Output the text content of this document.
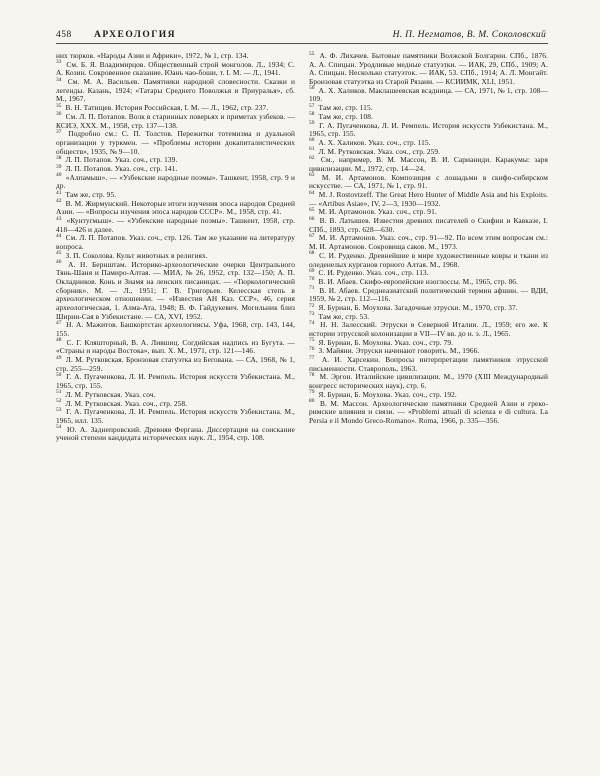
458	АРХЕОЛОГИЯ	Н. П. Негматов, В. М. Соколовский

них тюрков. «Народы Азии и Африки», 1972, № 1, стр. 134.

$^{33}$ См. Б. Я. Владимирцов. Общественный строй монголов. Л., 1934; С. А. Козин. Сокровенное сказание. Юань чао-боши, т. I. М. — Л., 1941.

$^{34}$ См. М. А. Васильев. Памятники народной словесности. Сказки и легенды. Казань, 1924; «Татары Среднего Поволжья и Приуралья», сб. М., 1967.

$^{35}$ В. Н. Татищев. История Российская, I. М. — Л., 1962, стр. 237.

$^{36}$ См. Л. П. Потапов. Волк в старинных поверьях и приметах узбеков. — КСИЭ, XXX. М., 1958, стр. 137—138.

$^{37}$ Подробно см.: С. П. Толстов. Пережитки тотемизма и дуальной организации у туркмен. — «Проблемы истории докапиталистических обществ», 1935, № 9—10.

$^{38}$ Л. П. Потапов. Указ. соч., стр. 139.

$^{39}$ Л. П. Потапов. Указ. соч., стр. 141.

$^{40}$ «Алпамыш». — «Узбекские народные поэмы». Ташкент, 1958, стр. 9 и др.

$^{41}$ Там же, стр. 95.

$^{42}$ В. М. Жирмунский. Некоторые итоги изучения эпоса народов Средней Азии. — «Вопросы изучения эпоса народов СССР». М., 1958, стр. 41.

$^{43}$ «Кунтугмыш». — «Узбекские народные поэмы». Ташкент, 1958, стр. 418—426 и далее.

$^{44}$ См. Л. П. Потапов. Указ. соч., стр. 126. Там же указание на литературу вопроса.

$^{45}$ З. П. Соколова. Культ животных в религиях.

$^{46}$ А. Н. Бернштам. Историко-археологические очерки Центрального Тянь-Шаня и Памиро-Алтая. — МИА, № 26, 1952, стр. 132—150; А. П. Окладников. Конь и Знамя на ленских писаницах. — «Тюркологический сборник». М. — Л., 1951; Г. В. Григорьев. Келесская степь в археологическом отношении. — «Известия АН Каз. ССР», 46, серия археологическая, 1. Алма-Ата, 1948; В. Ф. Гайдукевич. Могильник близ Ширин-Сая в Узбекистане. — СА, XVI, 1952.

$^{47}$ Н. А. Мажитов. Башкортстан археологиясы. Уфа, 1968, стр. 143, 144, 155.

$^{48}$ С. Г. Кляшторный, В. А. Лившиц. Согдийская надпись из Бугута. — «Страны и народы Востока», вып. X. М., 1971, стр. 121—146.

$^{49}$ Л. М. Рутковская. Бронзовая статуэтка из Бегована. — СА, 1968, № 1, стр. 255—259.

$^{50}$ Г. А. Пугаченкова, Л. И. Ремпель. История искусств Узбекистана. М., 1965, стр. 155.

$^{51}$ Л. М. Рутковская. Указ. соч.

$^{52}$ Л. М. Рутковская. Указ. соч., стр. 258.

$^{53}$ Г. А. Пугаченкова, Л. И. Ремпель. История искусств Узбекистана. М., 1965, илл. 135.

$^{54}$ Ю. А. Заднепровский. Древняя Фергана. Диссертация на соискание ученой степени кандидата исторических наук. Л., 1954, стр. 108.

$^{55}$ А. Ф. Лихачев. Бытовые памятники Волжской Болгарии. СПб., 1876. А. А. Спицын. Уродливые медные статуэтки. — ИАК, 29, СПб., 1909; А. А. Спицын. Несколько статуэток. — ИАК, 53. СПб., 1914; А. Л. Монгайт. Бронзовая статуэтка из Старой Рязани. — КСИИМК, XLI, 1951.

$^{56}$ А. Х. Халиков. Маклашеевская всадница. — СА, 1971, № 1, стр. 108—109.

$^{57}$ Там же, стр. 115.

$^{58}$ Там же, стр. 108.

$^{59}$ Г. А. Пугаченкова, Л. И. Ремпель. История искусств Узбекистана. М., 1965, стр. 155.

$^{60}$ А. Х. Халиков. Указ. соч., стр. 115.

$^{61}$ Л. М. Рутковская. Указ. соч., стр. 259.

$^{62}$ См., например, В. М. Массон, В. И. Сарианиди. Каракумы: заря цивилизации. М., 1972, стр. 14—24.

$^{63}$ М. И. Артамонов. Композиция с лошадьми в скифо-сибирском искусстве. — СА, 1971, № 1, стр. 91.

$^{64}$ M. J. Rostovtzeff. The Great Hero Hunter of Middle Asia and his Exploits. — «Artibus Asiae», IV, 2—3, 1930—1932.

$^{65}$ М. И. Артамонов. Указ. соч., стр. 91.

$^{66}$ В. В. Латышев. Известия древних писателей о Скифии и Кавказе, I. СПб., 1893, стр. 628—630.

$^{67}$ М. И. Артамонов. Указ. соч., стр. 91—92. По всем этим вопросам см.: М. И. Артамонов. Сокровища саков. М., 1973.

$^{68}$ С. И. Руденко. Древнейшие в мире художественные ковры и ткани из оледенелых курганов горного Алтая. М., 1968.

$^{69}$ С. И. Руденко. Указ. соч., стр. 113.

$^{70}$ В. И. Абаев. Скифо-европейские изоглоссы. М., 1965, стр. 86.

$^{71}$ В. И. Абаев. Среднеазиатский политический термин афшин. — ВДИ, 1959, № 2, стр. 112—116.

$^{72}$ Я. Буриан, Б. Моухова. Загадочные этруски. М., 1970, стр. 37.

$^{73}$ Там же, стр. 53.

$^{74}$ Н. Н. Залесский. Этруски в Северной Италии. Л., 1959; его же. К истории этрусской колонизации в VII—IV вв. до н. э. Л., 1965.

$^{75}$ Я. Буриан, Б. Моухова. Указ. соч., стр. 79.

$^{76}$ З. Майяни. Этруски начинают говорить. М., 1966.

$^{77}$ А. И. Харсекин. Вопросы интерпретации памятников этрусской письменности. Ставрополь, 1963.

$^{78}$ М. Эргон. Италийские цивилизации. М., 1970 (XIII Международный конгресс исторических наук), стр. 6.

$^{79}$ Я. Буриан, Б. Моухова. Указ. соч., стр. 192.

$^{80}$ В. М. Массон. Археологические памятники Средней Азии и греко-римские влияния и связи. — «Problemi attuali di scienza e di cultura. La Persia e il Mondo Greco-Romano». Roma, 1966, p. 335—356.
